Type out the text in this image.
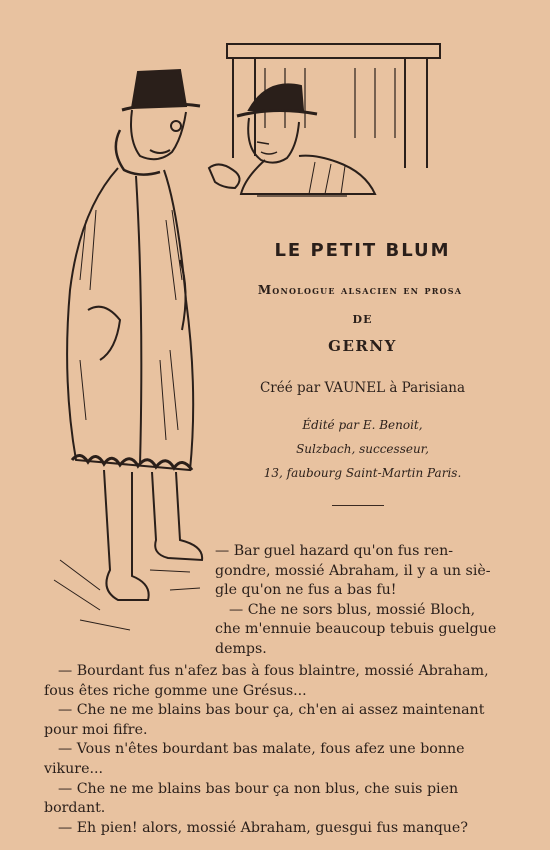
LE PETIT BLUM
Monologue alsacien en prosa
DE
GERNY
Créé par VAUNEL à Parisiana
Édité par E. Benoit,
Sulzbach, successeur,
13, faubourg Saint-Martin Paris.
— Bar guel hazard qu'on fus ren-
gondre, mossié Abraham, il y a un siè-
gle qu'on ne fus a bas fu!
— Che ne sors blus, mossié Bloch,
che m'ennuie beaucoup tebuis guelgue
demps.
— Bourdant fus n'afez bas à fous blaintre, mossié Abraham,
fous êtes riche gomme une Grésus...
— Che ne me blains bas bour ça, ch'en ai assez maintenant
pour moi fifre.
— Vous n'êtes bourdant bas malate, fous afez une bonne
vikure...
— Che ne me blains bas bour ça non blus, che suis pien
bordant.
— Eh pien! alors, mossié Abraham, guesgui fus manque?
